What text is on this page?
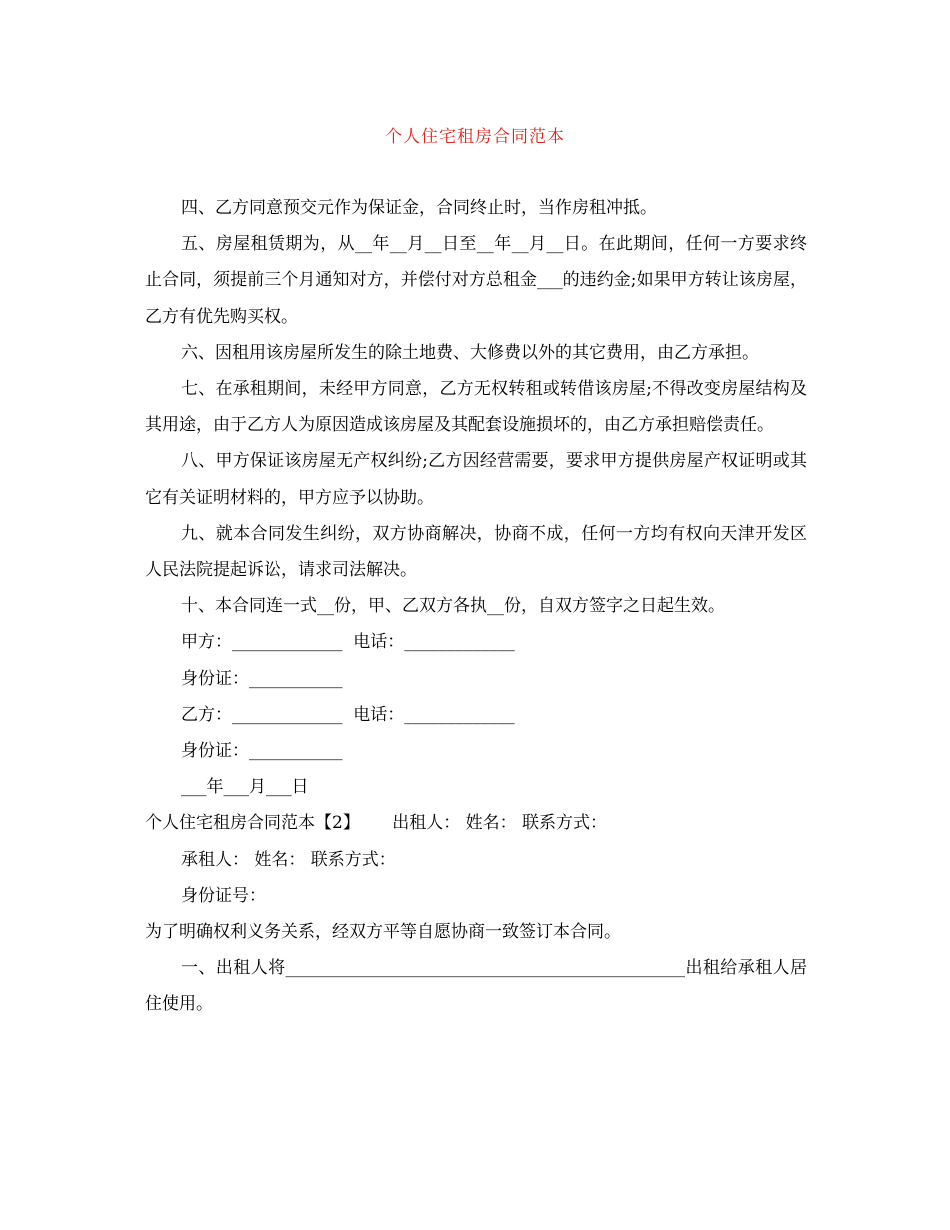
个人住宅租房合同范本

四、乙方同意预交元作为保证金，合同终止时，当作房租冲抵。

五、房屋租赁期为，从__年__月__日至__年__月__日。在此期间，任何一方要求终止合同，须提前三个月通知对方，并偿付对方总租金___的违约金;如果甲方转让该房屋，乙方有优先购买权。

六、因租用该房屋所发生的除土地费、大修费以外的其它费用，由乙方承担。

七、在承租期间，未经甲方同意，乙方无权转租或转借该房屋;不得改变房屋结构及其用途，由于乙方人为原因造成该房屋及其配套设施损坏的，由乙方承担赔偿责任。

八、甲方保证该房屋无产权纠纷;乙方因经营需要，要求甲方提供房屋产权证明或其它有关证明材料的，甲方应予以协助。

九、就本合同发生纠纷，双方协商解决，协商不成，任何一方均有权向天津开发区人民法院提起诉讼，请求司法解决。

十、本合同连一式__份，甲、乙双方各执__份，自双方签字之日起生效。

甲方：_____________  电话：_____________

身份证：___________

乙方：_____________  电话：_____________

身份证：___________

___年___月___日

个人住宅租房合同范本【2】      出租人： 姓名： 联系方式：

承租人： 姓名： 联系方式：

身份证号：

为了明确权利义务关系，经双方平等自愿协商一致签订本合同。

一、出租人将_______________________________________________出租给承租人居住使用。
